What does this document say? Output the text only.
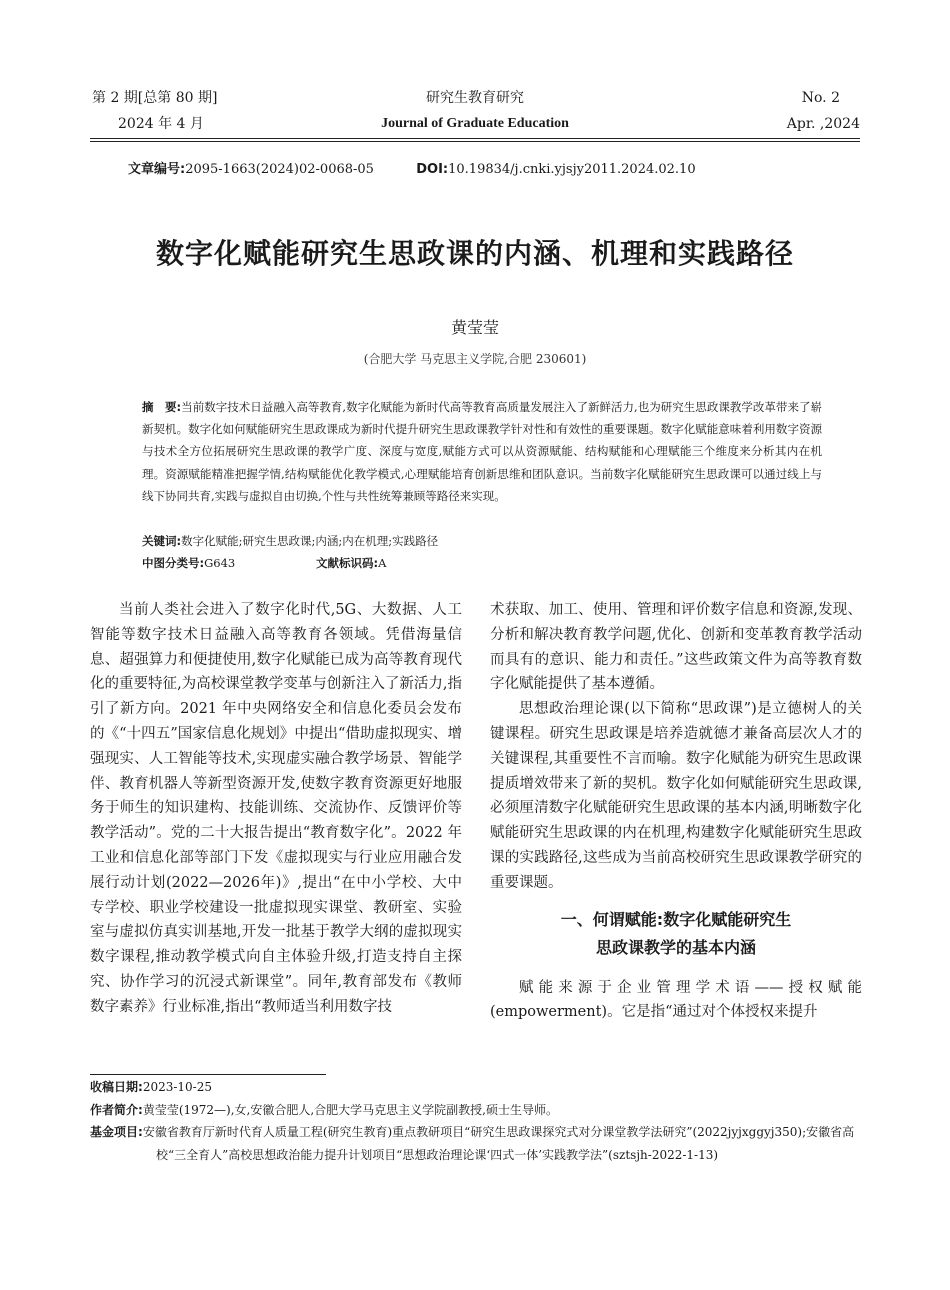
第 2 期[总第 80 期]
2024 年 4 月
研究生教育研究
Journal of Graduate Education
No. 2
Apr. ,2024
文章编号:2095-1663(2024)02-0068-05	DOI:10.19834/j.cnki.yjsjy2011.2024.02.10
数字化赋能研究生思政课的内涵、机理和实践路径
黄莹莹
(合肥大学 马克思主义学院,合肥 230601)
摘　要:当前数字技术日益融入高等教育,数字化赋能为新时代高等教育高质量发展注入了新鲜活力,也为研究生思政课教学改革带来了崭新契机。数字化如何赋能研究生思政课成为新时代提升研究生思政课教学针对性和有效性的重要课题。数字化赋能意味着利用数字资源与技术全方位拓展研究生思政课的教学广度、深度与宽度,赋能方式可以从资源赋能、结构赋能和心理赋能三个维度来分析其内在机理。资源赋能精准把握学情,结构赋能优化教学模式,心理赋能培育创新思维和团队意识。当前数字化赋能研究生思政课可以通过线上与线下协同共育,实践与虚拟自由切换,个性与共性统筹兼顾等路径来实现。
关键词:数字化赋能;研究生思政课;内涵;内在机理;实践路径
中图分类号:G643	文献标识码:A

当前人类社会进入了数字化时代,5G、大数据、人工智能等数字技术日益融入高等教育各领域。凭借海量信息、超强算力和便捷使用,数字化赋能已成为高等教育现代化的重要特征,为高校课堂教学变革与创新注入了新活力,指引了新方向。2021 年中央网络安全和信息化委员会发布的《“十四五”国家信息化规划》中提出“借助虚拟现实、增强现实、人工智能等技术,实现虚实融合教学场景、智能学伴、教育机器人等新型资源开发,使数字教育资源更好地服务于师生的知识建构、技能训练、交流协作、反馈评价等教学活动”。党的二十大报告提出“教育数字化”。2022 年工业和信息化部等部门下发《虚拟现实与行业应用融合发展行动计划(2022—2026年)》,提出“在中小学校、大中专学校、职业学校建设一批虚拟现实课堂、教研室、实验室与虚拟仿真实训基地,开发一批基于教学大纲的虚拟现实数字课程,推动教学模式向自主体验升级,打造支持自主探究、协作学习的沉浸式新课堂”。同年,教育部发布《教师数字素养》行业标准,指出“教师适当利用数字技

术获取、加工、使用、管理和评价数字信息和资源,发现、分析和解决教育教学问题,优化、创新和变革教育教学活动而具有的意识、能力和责任。”这些政策文件为高等教育数字化赋能提供了基本遵循。

思想政治理论课(以下简称“思政课”)是立德树人的关键课程。研究生思政课是培养造就德才兼备高层次人才的关键课程,其重要性不言而喻。数字化赋能为研究生思政课提质增效带来了新的契机。数字化如何赋能研究生思政课,必须厘清数字化赋能研究生思政课的基本内涵,明晰数字化赋能研究生思政课的内在机理,构建数字化赋能研究生思政课的实践路径,这些成为当前高校研究生思政课教学研究的重要课题。

一、何谓赋能:数字化赋能研究生
思政课教学的基本内涵

赋能来源于企业管理学术语——授权赋能(empowerment)。它是指“通过对个体授权来提升

收稿日期:2023-10-25
作者简介:黄莹莹(1972—),女,安徽合肥人,合肥大学马克思主义学院副教授,硕士生导师。
基金项目:安徽省教育厅新时代育人质量工程(研究生教育)重点教研项目“研究生思政课探究式对分课堂教学法研究”(2022jyjxggyj350);安徽省高校“三全育人”高校思想政治能力提升计划项目“思想政治理论课‘四式一体’实践教学法”(sztsjh-2022-1-13)
